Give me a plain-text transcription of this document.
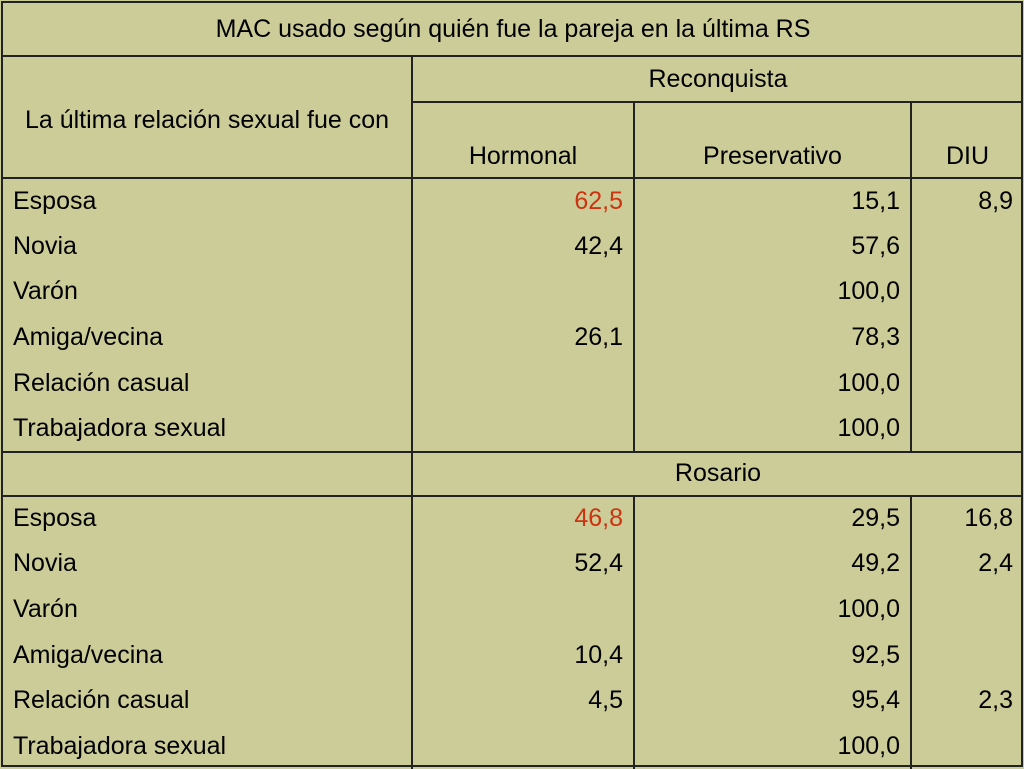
MAC usado según quién fue la pareja en la última RS			
La última relación sexual fue con	Reconquista		
	Hormonal	Preservativo	DIU
Esposa	62,5	15,1	8,9
Novia	42,4	57,6	
Varón		100,0	
Amiga/vecina	26,1	78,3	
Relación casual		100,0	
Trabajadora sexual		100,0	
	Rosario		
Esposa	46,8	29,5	16,8
Novia	52,4	49,2	2,4
Varón		100,0	
Amiga/vecina	10,4	92,5	
Relación casual	4,5	95,4	2,3
Trabajadora sexual		100,0	
